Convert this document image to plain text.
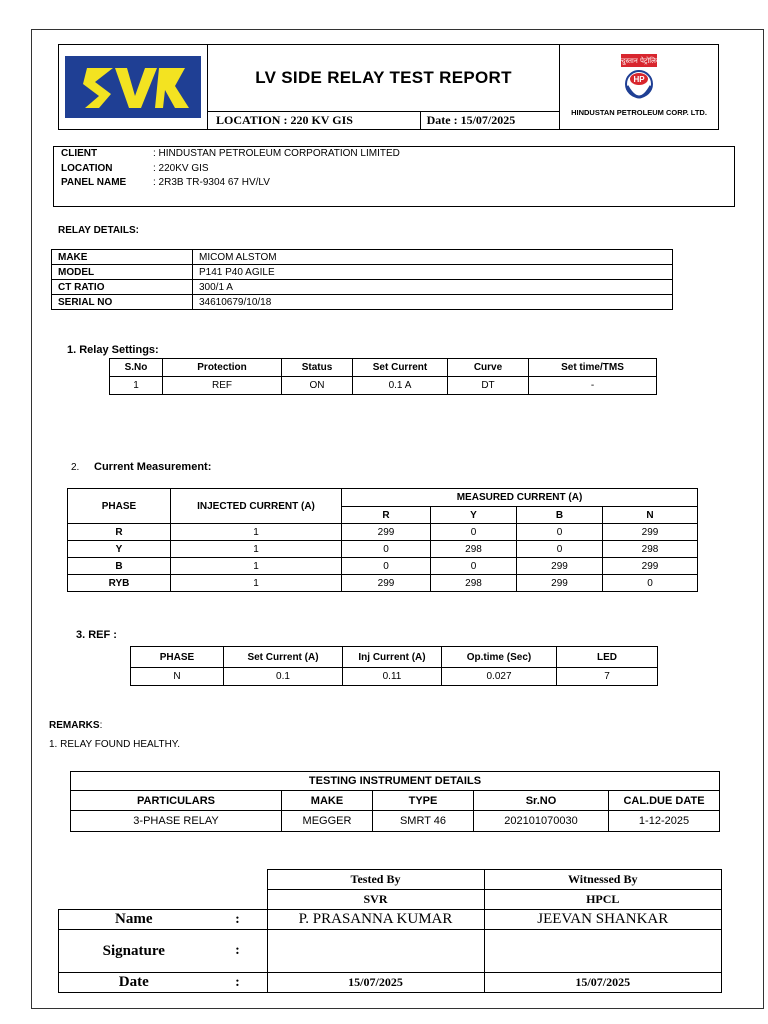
	LV SIDE RELAY TEST REPORT		हिन्दुस्तान पेट्रोलियम
HP
HINDUSTAN PETROLEUM CORP. LTD.

	LOCATION : 220 KV GIS	Date : 15/07/2025	
CLIENT	: HINDUSTAN PETROLEUM CORPORATION LIMITED
LOCATION	: 220KV GIS
PANEL NAME	: 2R3B TR-9304 67 HV/LV
RELAY DETAILS:
MAKE	MICOM ALSTOM
MODEL	P141 P40 AGILE
CT RATIO	300/1 A
SERIAL NO	34610679/10/18
1. Relay Settings:
S.No	Protection	Status	Set Current	Curve	Set time/TMS
1	REF	ON	0.1 A	DT	-
2. Current Measurement:
PHASE	INJECTED CURRENT (A)	MEASURED CURRENT (A)			
		R	Y	B	N
R	1	299	0	0	299
Y	1	0	298	0	298
B	1	0	0	299	299
RYB	1	299	298	299	0
3. REF :
PHASE	Set Current (A)	Inj Current (A)	Op.time (Sec)	LED
N	0.1	0.11	0.027	7
REMARKS:
1. RELAY FOUND HEALTHY.
TESTING INSTRUMENT DETAILS				
PARTICULARS	MAKE	TYPE	Sr.NO	CAL.DUE DATE
3-PHASE RELAY	MEGGER	SMRT 46	202101070030	1-12-2025
		Tested By	Witnessed By
		SVR	HPCL
Name	:	P. PRASANNA KUMAR	JEEVAN SHANKAR
Signature	:		
Date	:	15/07/2025	15/07/2025
